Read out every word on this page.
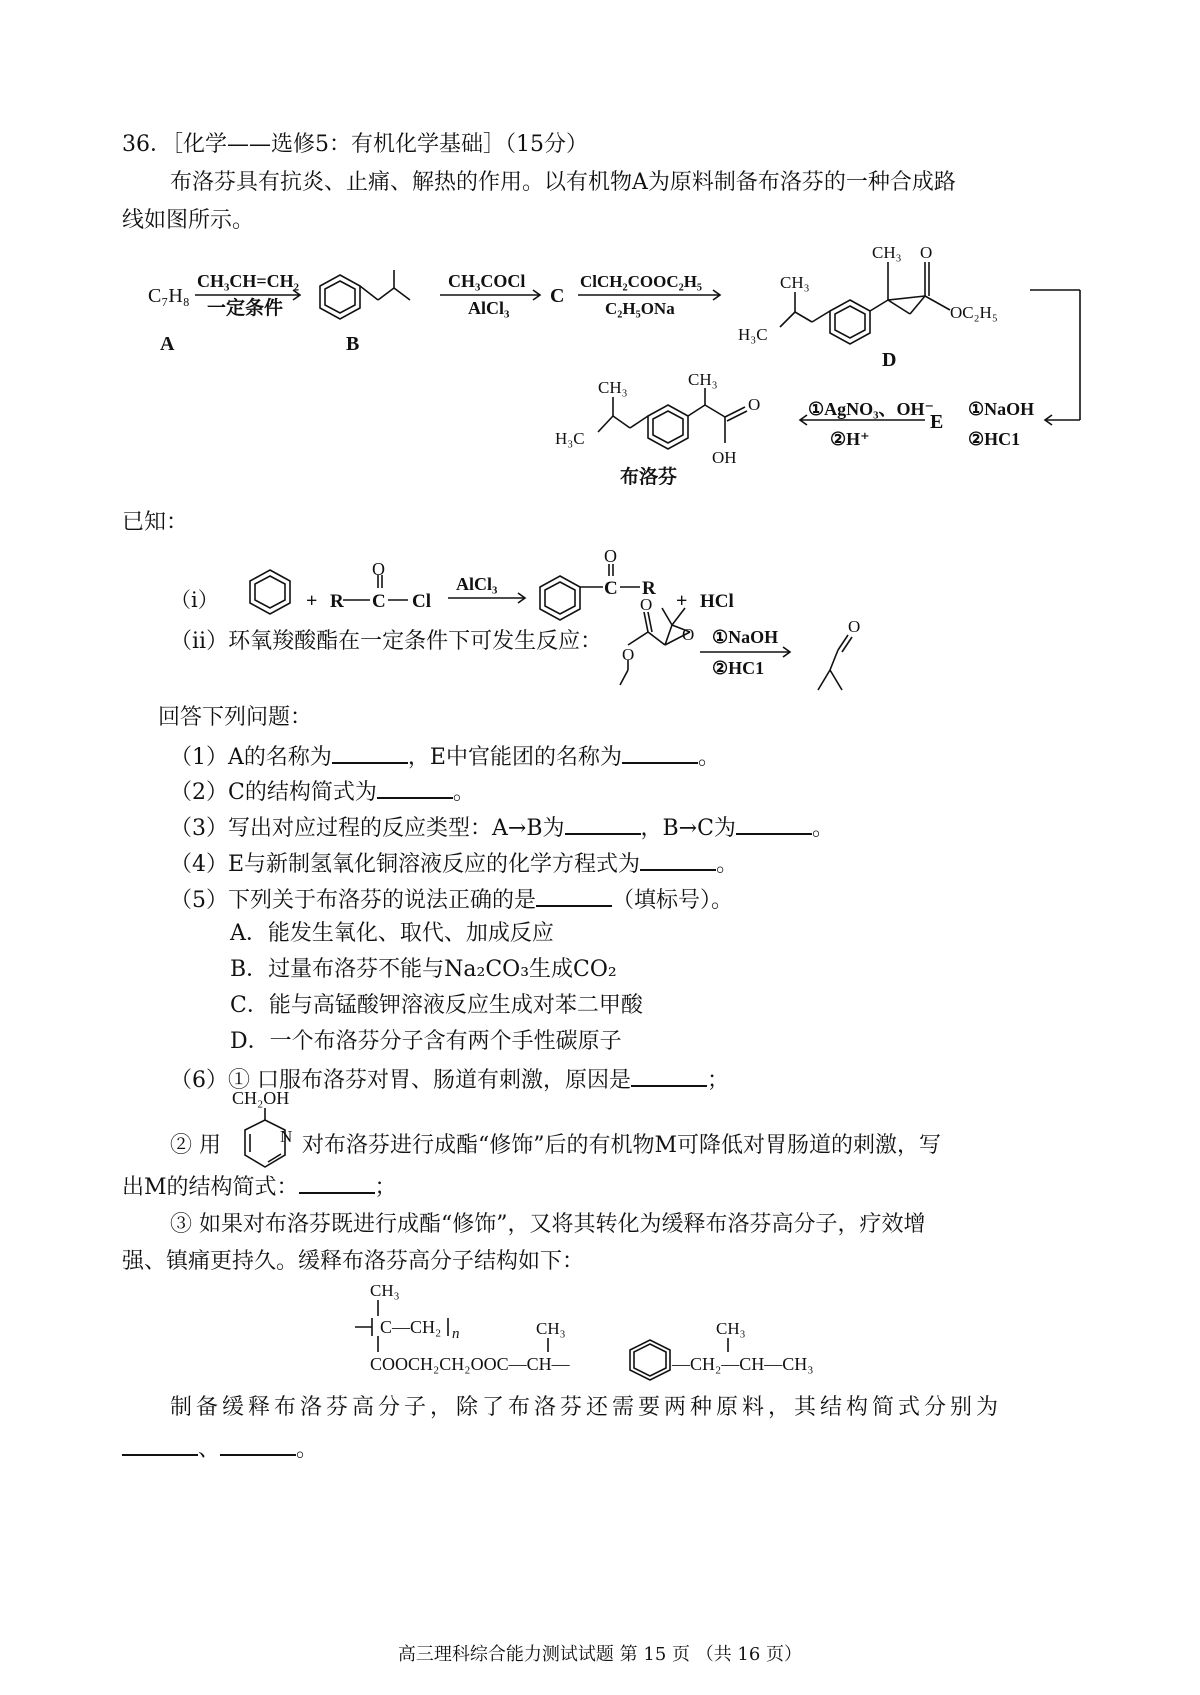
36．［化学——选修5：有机化学基础］（15分）
布洛芬具有抗炎、止痛、解热的作用。以有机物A为原料制备布洛芬的一种合成路
线如图所示。
C₇H₈
A
CH₃CH=CH₂
一定条件
B
CH₃COCl
AlCl₃
C
ClCH₂COOC₂H₅
C₂H₅ONa
CH₃
CH₃
H₃C
O
OC₂H₅
D
①NaOH
②HC1
E
①AgNO₃、OH⁻
②H⁺
CH₃
CH₃
H₃C
O
OH
布洛芬
已知：
（ⅰ）	+ R C
O
Cl
AlCl₃	C
O
R
+ HCl
（ⅱ）环氧羧酸酯在一定条件下可发生反应：
O
O
O
①NaOH
②HC1
O
回答下列问题：
（1）A的名称为	，E中官能团的名称为	。
（2）C的结构简式为	。
（3）写出对应过程的反应类型：A→B为	，B→C为	。
（4）E与新制氢氧化铜溶液反应的化学方程式为	。
（5）下列关于布洛芬的说法正确的是	（填标号）。
A．能发生氧化、取代、加成反应
B．过量布洛芬不能与Na₂CO₃生成CO₂
C．能与高锰酸钾溶液反应生成对苯二甲酸
D．一个布洛芬分子含有两个手性碳原子
（6）① 口服布洛芬对胃、肠道有刺激，原因是	；
CH₂OH
N
② 用	对布洛芬进行成酯“修饰”后的有机物M可降低对胃肠道的刺激，写
出M的结构简式：	；
③ 如果对布洛芬既进行成酯“修饰”，又将其转化为缓释布洛芬高分子，疗效增
强、镇痛更持久。缓释布洛芬高分子结构如下：
CH₃
C—CH₂ n
COOCH₂CH₂OOC—CH—
CH₃
—CH₂—CH—CH₃
CH₃
制备缓释布洛芬高分子，除了布洛芬还需要两种原料，其结构简式分别为
、	。
高三理科综合能力测试试题 第 15 页 （共 16 页）
